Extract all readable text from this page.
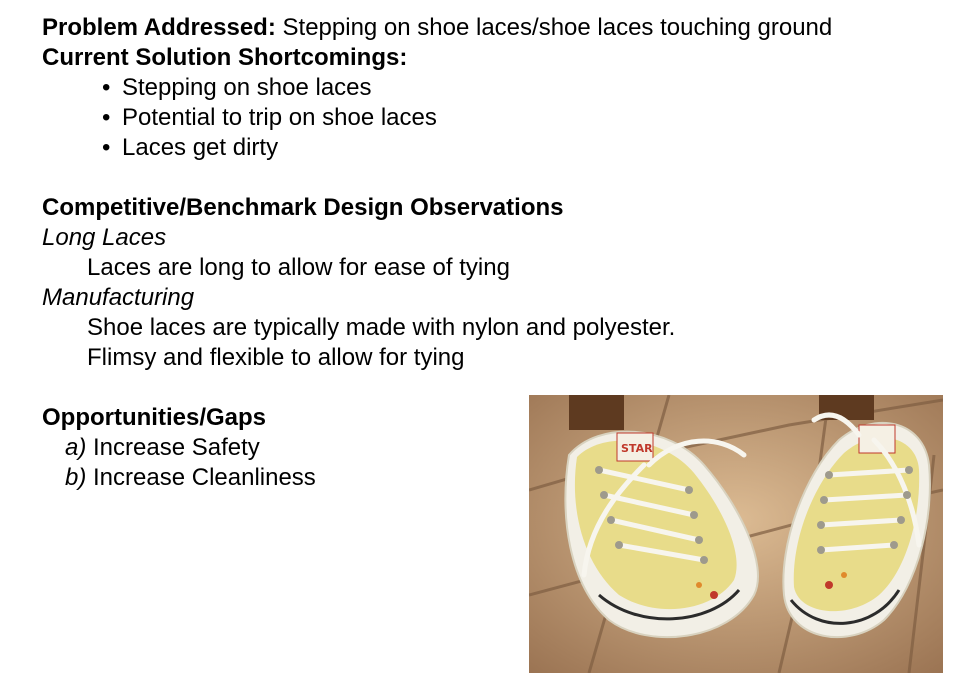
Problem Addressed: Stepping on shoe laces/shoe laces touching ground
Current Solution Shortcomings:
• Stepping on shoe laces
• Potential to trip on shoe laces
• Laces get dirty
Competitive/Benchmark Design Observations
Long Laces
Laces are long to allow for ease of tying
Manufacturing
Shoe laces are typically made with nylon and polyester.
Flimsy and flexible to allow for tying
Opportunities/Gaps
a) Increase Safety
b) Increase Cleanliness
STAR
